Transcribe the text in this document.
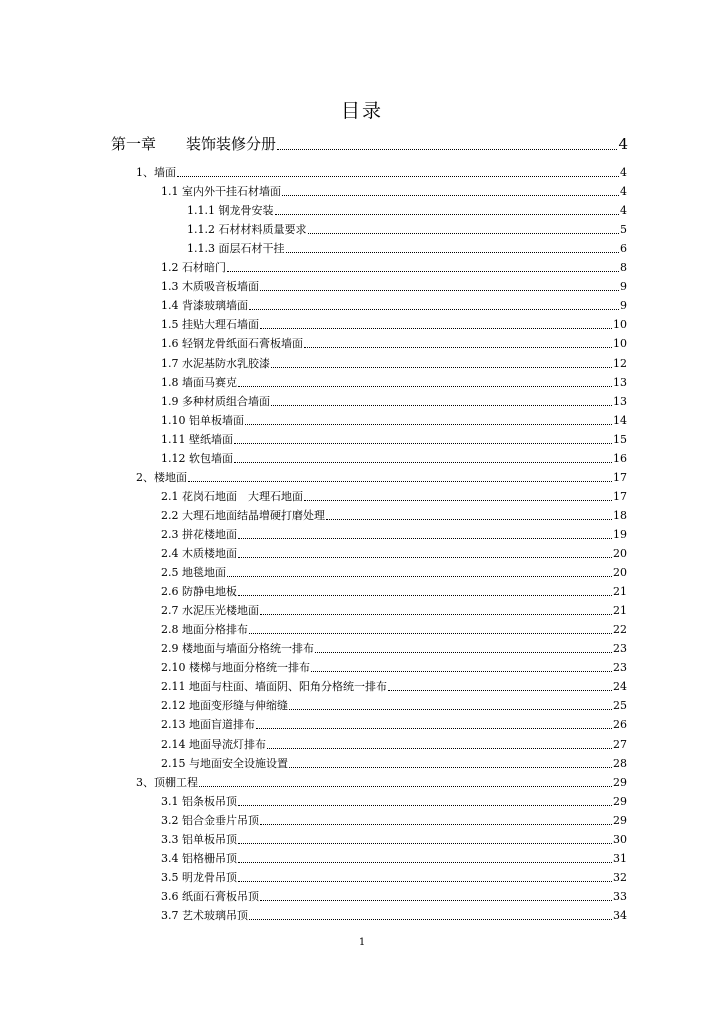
目录
第一章 装饰装修分册	4
1、墙面	4
1.1 室内外干挂石材墙面	4
1.1.1 钢龙骨安装	4
1.1.2 石材材料质量要求	5
1.1.3 面层石材干挂	6
1.2 石材暗门	8
1.3 木质吸音板墙面	9
1.4 背漆玻璃墙面	9
1.5 挂贴大理石墙面	10
1.6 轻钢龙骨纸面石膏板墙面	10
1.7 水泥基防水乳胶漆	12
1.8 墙面马赛克	13
1.9 多种材质组合墙面	13
1.10 铝单板墙面	14
1.11 壁纸墙面	15
1.12 软包墙面	16
2、楼地面	17
2.1 花岗石地面　大理石地面	17
2.2 大理石地面结晶增硬打磨处理	18
2.3 拼花楼地面	19
2.4 木质楼地面	20
2.5 地毯地面	20
2.6 防静电地板	21
2.7 水泥压光楼地面	21
2.8 地面分格排布	22
2.9 楼地面与墙面分格统一排布	23
2.10 楼梯与地面分格统一排布	23
2.11 地面与柱面、墙面阴、阳角分格统一排布	24
2.12 地面变形缝与伸缩缝	25
2.13 地面盲道排布	26
2.14 地面导流灯排布	27
2.15 与地面安全设施设置	28
3、顶棚工程	29
3.1 铝条板吊顶	29
3.2 铝合金垂片吊顶	29
3.3 铝单板吊顶	30
3.4 铝格栅吊顶	31
3.5 明龙骨吊顶	32
3.6 纸面石膏板吊顶	33
3.7 艺术玻璃吊顶	34
1
